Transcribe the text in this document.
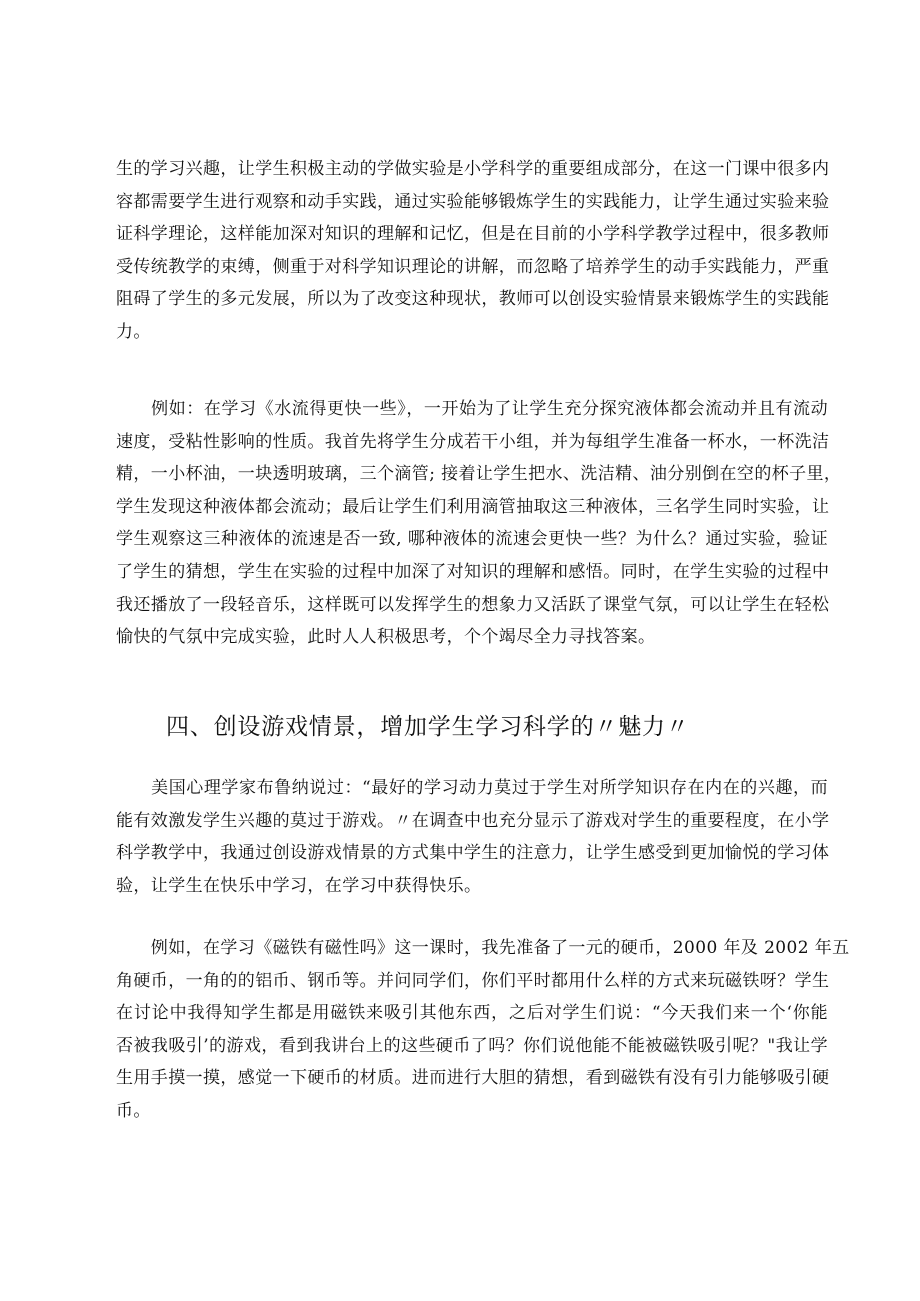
生的学习兴趣，让学生积极主动的学做实验是小学科学的重要组成部分，在这一门课中很多内
容都需要学生进行观察和动手实践，通过实验能够锻炼学生的实践能力，让学生通过实验来验
证科学理论，这样能加深对知识的理解和记忆，但是在目前的小学科学教学过程中，很多教师
受传统教学的束缚，侧重于对科学知识理论的讲解，而忽略了培养学生的动手实践能力，严重
阻碍了学生的多元发展，所以为了改变这种现状，教师可以创设实验情景来锻炼学生的实践能
力。
　　例如：在学习《水流得更快一些》，一开始为了让学生充分探究液体都会流动并且有流动
速度，受粘性影响的性质。我首先将学生分成若干小组，并为每组学生准备一杯水，一杯洗洁
精，一小杯油，一块透明玻璃，三个滴管; 接着让学生把水、洗洁精、油分别倒在空的杯子里，
学生发现这种液体都会流动；最后让学生们利用滴管抽取这三种液体，三名学生同时实验，让
学生观察这三种液体的流速是否一致, 哪种液体的流速会更快一些？为什么？通过实验，验证
了学生的猜想，学生在实验的过程中加深了对知识的理解和感悟。同时，在学生实验的过程中
我还播放了一段轻音乐，这样既可以发挥学生的想象力又活跃了课堂气氛，可以让学生在轻松
愉快的气氛中完成实验，此时人人积极思考，个个竭尽全力寻找答案。
四、创设游戏情景，增加学生学习科学的〃魅力〃
　　美国心理学家布鲁纳说过：“最好的学习动力莫过于学生对所学知识存在内在的兴趣，而
能有效激发学生兴趣的莫过于游戏。〃在调查中也充分显示了游戏对学生的重要程度，在小学
科学教学中，我通过创设游戏情景的方式集中学生的注意力，让学生感受到更加愉悦的学习体
验，让学生在快乐中学习，在学习中获得快乐。
　　例如，在学习《磁铁有磁性吗》这一课时，我先准备了一元的硬币，2000 年及 2002 年五
角硬币，一角的的铝币、钢币等。并问同学们，你们平时都用什么样的方式来玩磁铁呀？学生
在讨论中我得知学生都是用磁铁来吸引其他东西，之后对学生们说：“今天我们来一个‘你能
否被我吸引’的游戏，看到我讲台上的这些硬币了吗？你们说他能不能被磁铁吸引呢？"我让学
生用手摸一摸，感觉一下硬币的材质。进而进行大胆的猜想，看到磁铁有没有引力能够吸引硬
币。
